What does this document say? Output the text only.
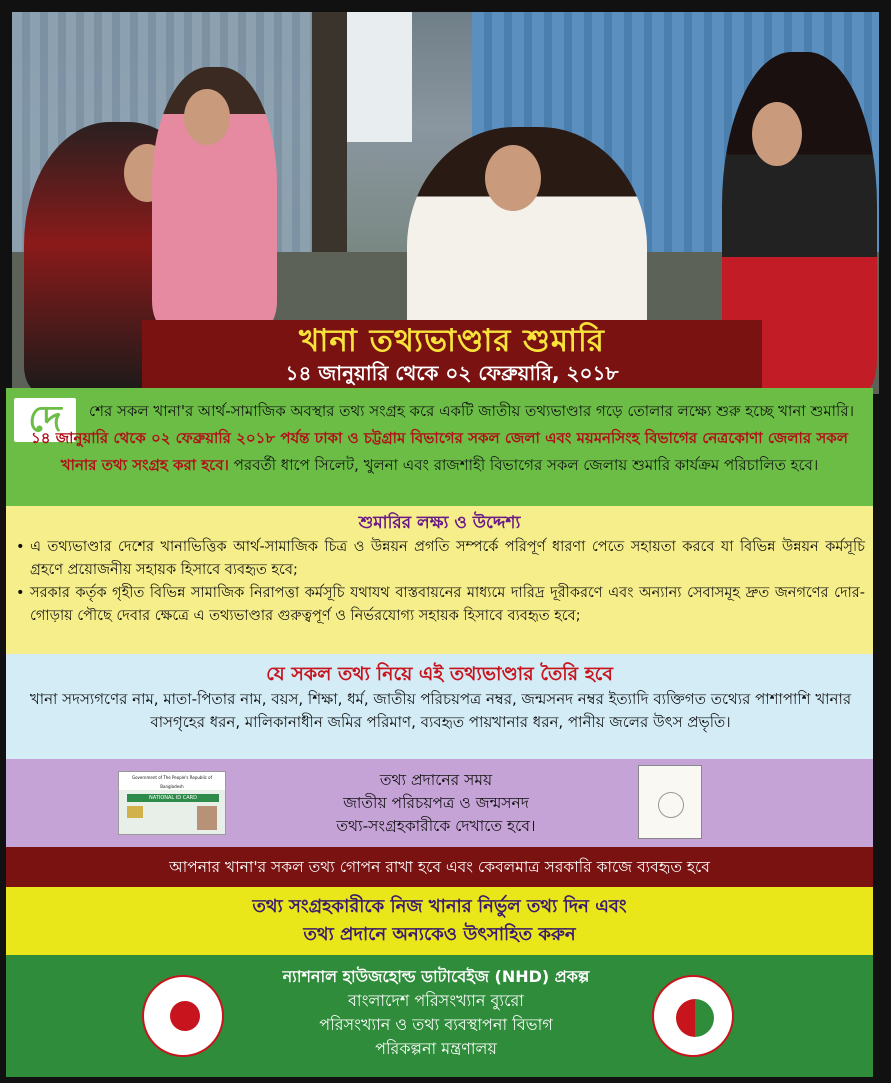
খানা তথ্যভাণ্ডার শুমারি
১৪ জানুয়ারি থেকে ০২ ফেব্রুয়ারি, ২০১৮
দে	শের সকল খানা'র আর্থ-সামাজিক অবস্থার তথ্য সংগ্রহ করে একটি জাতীয় তথ্যভাণ্ডার গড়ে তোলার লক্ষ্যে শুরু হচ্ছে খানা শুমারি। ১৪ জানুয়ারি থেকে ০২ ফেব্রুয়ারি ২০১৮ পর্যন্ত ঢাকা ও চট্টগ্রাম বিভাগের সকল জেলা এবং ময়মনসিংহ বিভাগের নেত্রকোণা জেলার সকল খানার তথ্য সংগ্রহ করা হবে। পরবর্তী ধাপে সিলেট, খুলনা এবং রাজশাহী বিভাগের সকল জেলায় শুমারি কার্যক্রম পরিচালিত হবে।

শুমারির লক্ষ্য ও উদ্দেশ্য
• এ তথ্যভাণ্ডার দেশের খানাভিত্তিক আর্থ-সামাজিক চিত্র ও উন্নয়ন প্রগতি সম্পর্কে পরিপূর্ণ ধারণা পেতে সহায়তা করবে যা বিভিন্ন উন্নয়ন কর্মসূচি গ্রহণে প্রয়োজনীয় সহায়ক হিসাবে ব্যবহৃত হবে;
• সরকার কর্তৃক গৃহীত বিভিন্ন সামাজিক নিরাপত্তা কর্মসূচি যথাযথ বাস্তবায়নের মাধ্যমে দারিদ্র দূরীকরণে এবং অন্যান্য সেবাসমূহ দ্রুত জনগণের দোর-গোড়ায় পৌছে দেবার ক্ষেত্রে এ তথ্যভাণ্ডার গুরুত্বপূর্ণ ও নির্ভরযোগ্য সহায়ক হিসাবে ব্যবহৃত হবে;
যে সকল তথ্য নিয়ে এই তথ্যভাণ্ডার তৈরি হবে
খানা সদস্যগণের নাম, মাতা-পিতার নাম, বয়স, শিক্ষা, ধর্ম, জাতীয় পরিচয়পত্র নম্বর, জন্মসনদ নম্বর ইত্যাদি ব্যক্তিগত তথ্যের পাশাপাশি খানার বাসগৃহের ধরন, মালিকানাধীন জমির পরিমাণ, ব্যবহৃত পায়খানার ধরন, পানীয় জলের উৎস প্রভৃতি।
Government of The People's Republic of Bangladesh
NATIONAL ID CARD
তথ্য প্রদানের সময়
জাতীয় পরিচয়পত্র ও জন্মসনদ
তথ্য-সংগ্রহকারীকে দেখাতে হবে।
আপনার খানা'র সকল তথ্য গোপন রাখা হবে এবং কেবলমাত্র সরকারি কাজে ব্যবহৃত হবে
তথ্য সংগ্রহকারীকে নিজ খানার নির্ভুল তথ্য দিন এবং
তথ্য প্রদানে অন্যকেও উৎসাহিত করুন
ন্যাশনাল হাউজহোল্ড ডাটাবেইজ (NHD) প্রকল্প
বাংলাদেশ পরিসংখ্যান ব্যুরো
পরিসংখ্যান ও তথ্য ব্যবস্থাপনা বিভাগ
পরিকল্পনা মন্ত্রণালয়
